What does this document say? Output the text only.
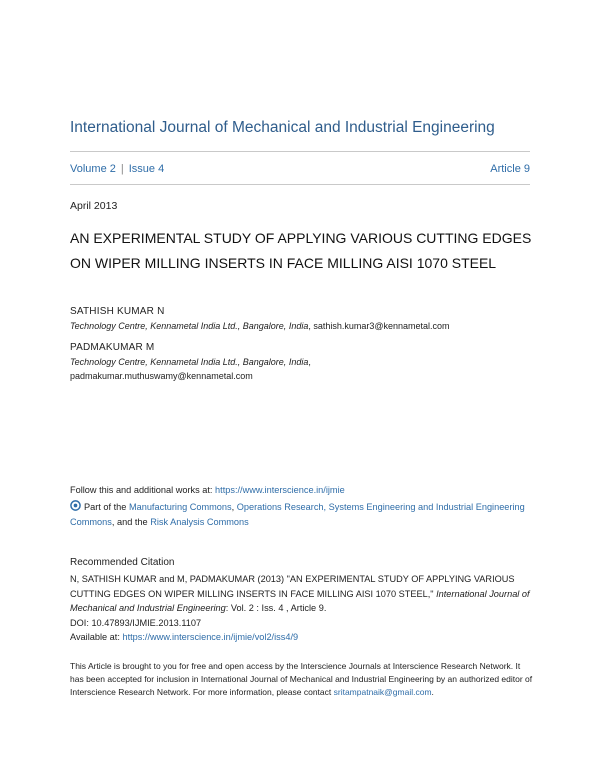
International Journal of Mechanical and Industrial Engineering
Volume 2 | Issue 4	Article 9
April 2013
AN EXPERIMENTAL STUDY OF APPLYING VARIOUS CUTTING EDGES ON WIPER MILLING INSERTS IN FACE MILLING AISI 1070 STEEL
SATHISH KUMAR N
Technology Centre, Kennametal India Ltd., Bangalore, India, sathish.kumar3@kennametal.com
PADMAKUMAR M
Technology Centre, Kennametal India Ltd., Bangalore, India,
padmakumar.muthuswamy@kennametal.com
Follow this and additional works at: https://www.interscience.in/ijmie
Part of the Manufacturing Commons, Operations Research, Systems Engineering and Industrial Engineering Commons, and the Risk Analysis Commons
Recommended Citation
N, SATHISH KUMAR and M, PADMAKUMAR (2013) "AN EXPERIMENTAL STUDY OF APPLYING VARIOUS CUTTING EDGES ON WIPER MILLING INSERTS IN FACE MILLING AISI 1070 STEEL," International Journal of Mechanical and Industrial Engineering: Vol. 2 : Iss. 4 , Article 9.
DOI: 10.47893/IJMIE.2013.1107
Available at: https://www.interscience.in/ijmie/vol2/iss4/9
This Article is brought to you for free and open access by the Interscience Journals at Interscience Research Network. It has been accepted for inclusion in International Journal of Mechanical and Industrial Engineering by an authorized editor of Interscience Research Network. For more information, please contact sritampatnaik@gmail.com.
